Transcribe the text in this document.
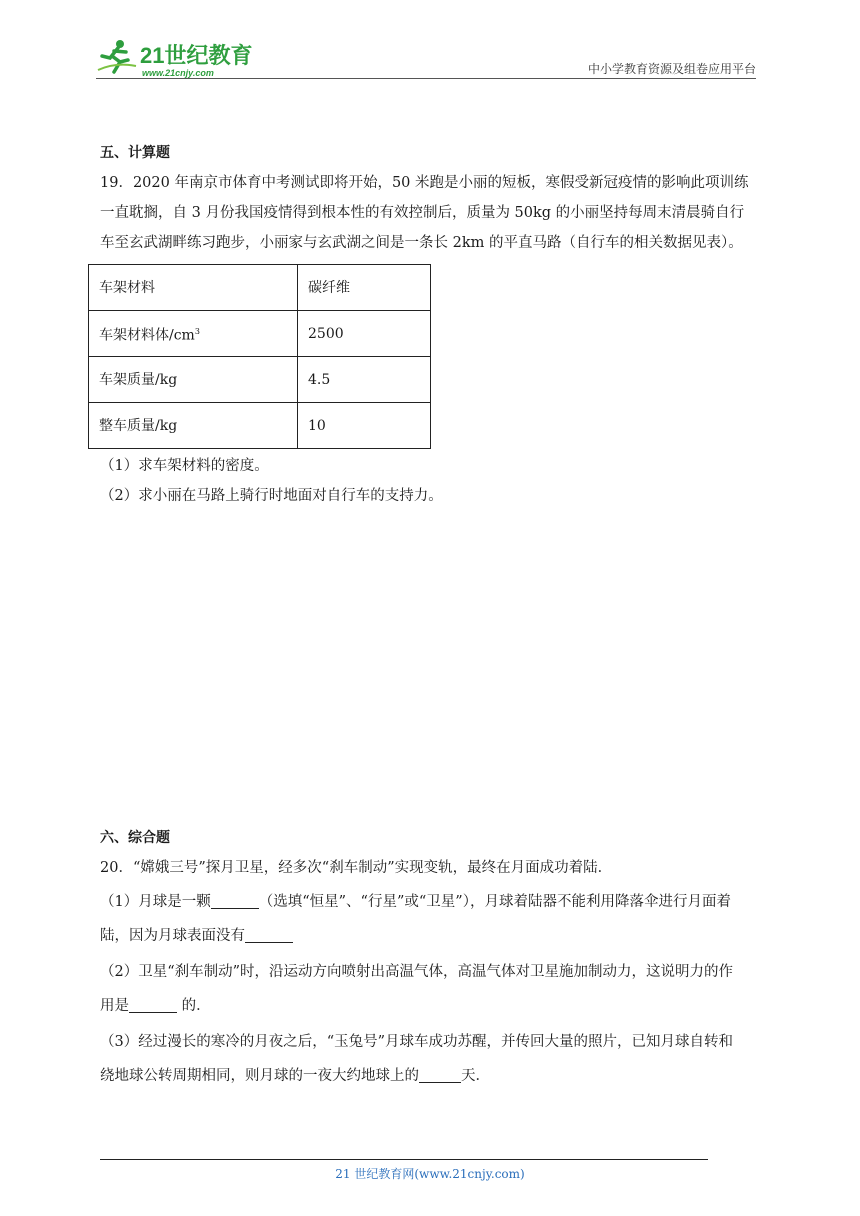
21世纪教育
www.21cnjy.com	中小学教育资源及组卷应用平台
五、计算题

19．2020 年南京市体育中考测试即将开始，50 米跑是小丽的短板，寒假受新冠疫情的影响此项训练

一直耽搁，自 3 月份我国疫情得到根本性的有效控制后，质量为 50kg 的小丽坚持每周末清晨骑自行

车至玄武湖畔练习跑步，小丽家与玄武湖之间是一条长 2km 的平直马路（自行车的相关数据见表）。

车架材料	碳纤维
车架材料体$/cm^3$	2500
车架质量/kg	4.5
整车质量/kg	10

（1）求车架材料的密度。

（2）求小丽在马路上骑行时地面对自行车的支持力。

六、综合题

20．“嫦娥三号”探月卫星，经多次“刹车制动”实现变轨，最终在月面成功着陆．

（1）月球是一颗	（选填“恒星”、“行星”或“卫星”），月球着陆器不能利用降落伞进行月面着

陆，因为月球表面没有

（2）卫星“刹车制动”时，沿运动方向喷射出高温气体，高温气体对卫星施加制动力，这说明力的作

用是	的．

（3）经过漫长的寒冷的月夜之后，“玉兔号”月球车成功苏醒，并传回大量的照片，已知月球自转和

绕地球公转周期相同，则月球的一夜大约地球上的	天．

21 世纪教育网(www.21cnjy.com)
